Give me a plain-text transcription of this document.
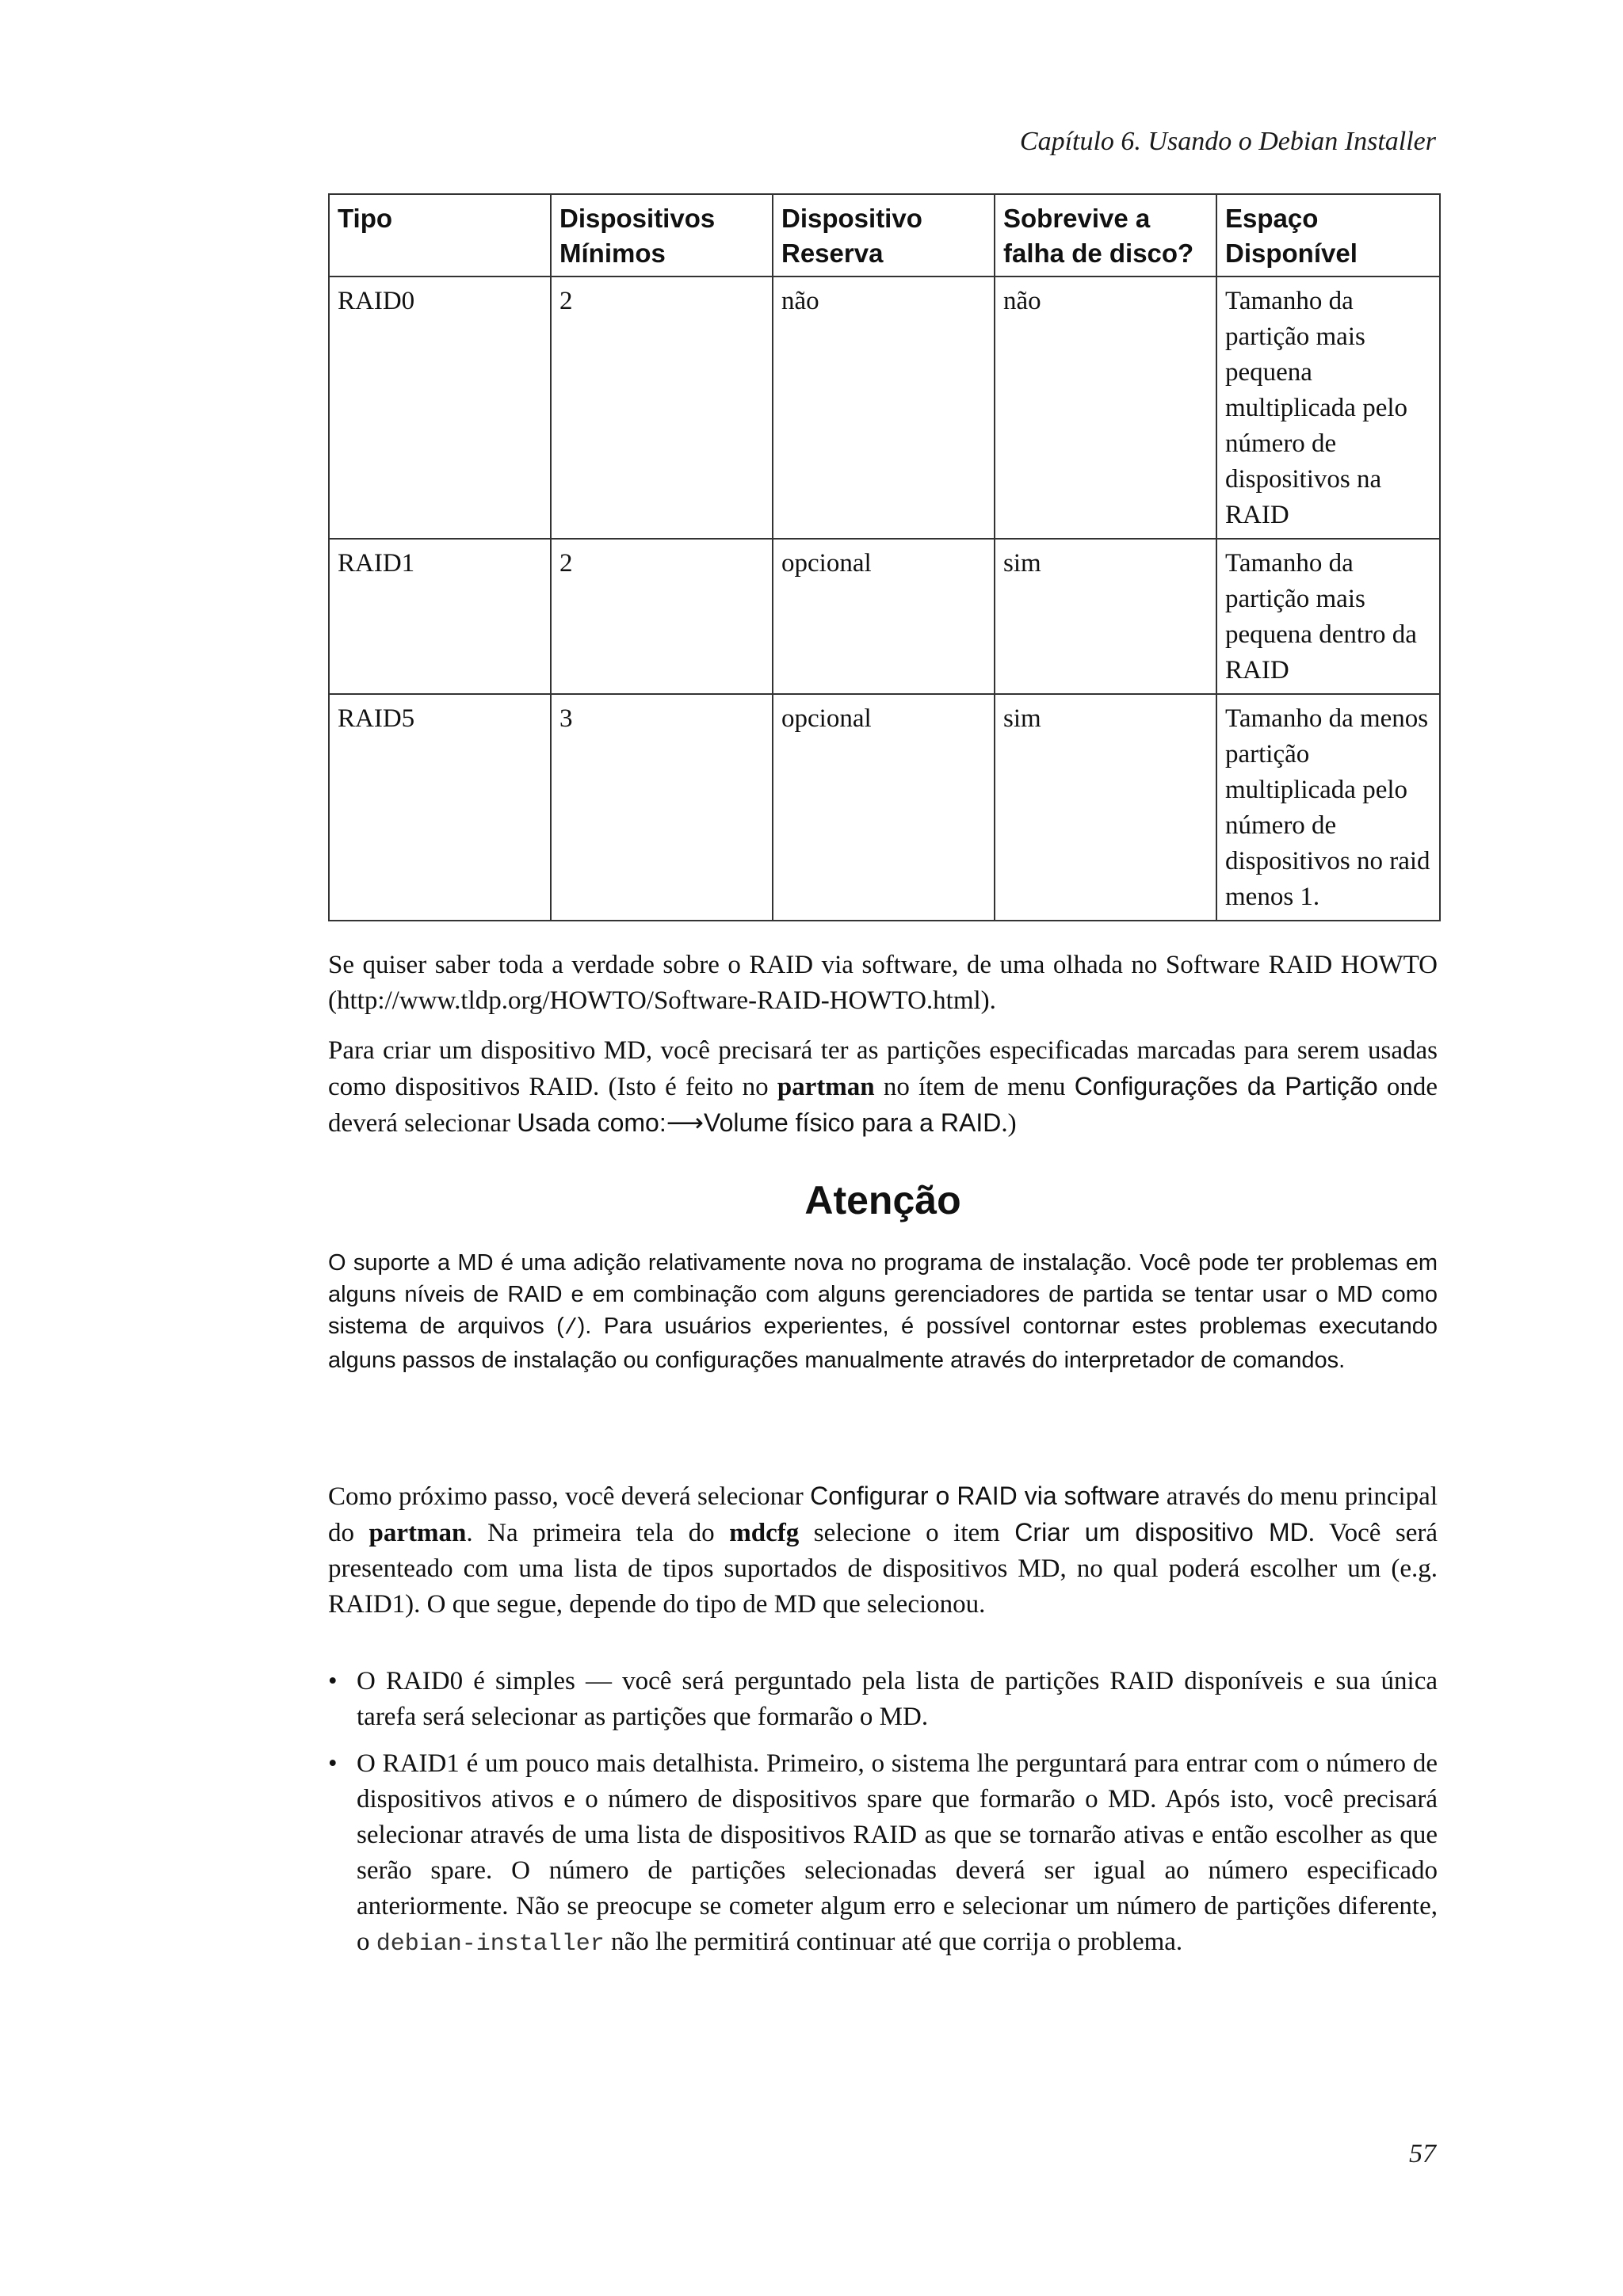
Capítulo 6. Usando o Debian Installer
Tipo	Dispositivos Mínimos	Dispositivo Reserva	Sobrevive a falha de disco?	Espaço Disponível
RAID0	2	não	não	Tamanho da partição mais pequena multiplicada pelo número de dispositivos na RAID
RAID1	2	opcional	sim	Tamanho da partição mais pequena dentro da RAID
RAID5	3	opcional	sim	Tamanho da menos partição multiplicada pelo número de dispositivos no raid menos 1.

Se quiser saber toda a verdade sobre o RAID via software, de uma olhada no Software RAID HOWTO (http://www.tldp.org/HOWTO/Software-RAID-HOWTO.html).

Para criar um dispositivo MD, você precisará ter as partições especificadas marcadas para serem usadas como dispositivos RAID. (Isto é feito no partman no ítem de menu Configurações da Partição onde deverá selecionar Usada como:⟶Volume físico para a RAID.)

Atenção

O suporte a MD é uma adição relativamente nova no programa de instalação. Você pode ter problemas em alguns níveis de RAID e em combinação com alguns gerenciadores de partida se tentar usar o MD como sistema de arquivos (/). Para usuários experientes, é possível contornar estes problemas executando alguns passos de instalação ou configurações manualmente através do interpretador de comandos.

Como próximo passo, você deverá selecionar Configurar o RAID via software através do menu principal do partman. Na primeira tela do mdcfg selecione o item Criar um dispositivo MD. Você será presenteado com uma lista de tipos suportados de dispositivos MD, no qual poderá escolher um (e.g. RAID1). O que segue, depende do tipo de MD que selecionou.

• O RAID0 é simples — você será perguntado pela lista de partições RAID disponíveis e sua única tarefa será selecionar as partições que formarão o MD.
• O RAID1 é um pouco mais detalhista. Primeiro, o sistema lhe perguntará para entrar com o número de dispositivos ativos e o número de dispositivos spare que formarão o MD. Após isto, você precisará selecionar através de uma lista de dispositivos RAID as que se tornarão ativas e então escolher as que serão spare. O número de partições selecionadas deverá ser igual ao número especificado anteriormente. Não se preocupe se cometer algum erro e selecionar um número de partições diferente, o debian-installer não lhe permitirá continuar até que corrija o problema.
57
